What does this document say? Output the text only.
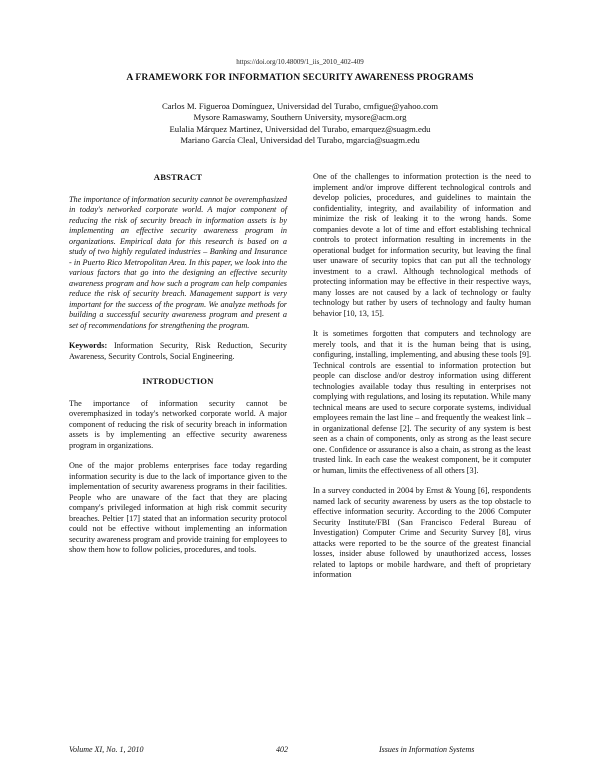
https://doi.org/10.48009/1_iis_2010_402-409
A FRAMEWORK FOR INFORMATION SECURITY AWARENESS PROGRAMS
Carlos M. Figueroa Domínguez, Universidad del Turabo, cmfigue@yahoo.com
Mysore Ramaswamy, Southern University, mysore@acm.org
Eulalia Márquez Martinez, Universidad del Turabo, emarquez@suagm.edu
Mariano García Cleal, Universidad del Turabo, mgarcia@suagm.edu
ABSTRACT

The importance of information security cannot be overemphasized in today's networked corporate world. A major component of reducing the risk of security breach in information assets is by implementing an effective security awareness program in organizations. Empirical data for this research is based on a study of two highly regulated industries – Banking and Insurance - in Puerto Rico Metropolitan Area. In this paper, we look into the various factors that go into the designing an effective security awareness program and how such a program can help companies reduce the risk of security breach. Management support is very important for the success of the program. We analyze methods for building a successful security awareness program and present a set of recommendations for strengthening the program.

Keywords: Information Security, Risk Reduction, Security Awareness, Security Controls, Social Engineering.

INTRODUCTION

The importance of information security cannot be overemphasized in today's networked corporate world. A major component of reducing the risk of security breach in information assets is by implementing an effective security awareness program in organizations.

One of the major problems enterprises face today regarding information security is due to the lack of importance given to the implementation of security awareness programs in their facilities. People who are unaware of the fact that they are placing company's privileged information at high risk commit security breaches. Peltier [17] stated that an information security protocol could not be effective without implementing an information security awareness program and provide training for employees to show them how to follow policies, procedures, and tools.

One of the challenges to information protection is the need to implement and/or improve different technological controls and develop policies, procedures, and guidelines to maintain the confidentiality, integrity, and availability of information and minimize the risk of leaking it to the wrong hands. Some companies devote a lot of time and effort establishing technical controls to protect information resulting in increments in the operational budget for information security, but leaving the final user unaware of security topics that can put all the technology investment to a crawl. Although technological methods of protecting information may be effective in their respective ways, many losses are not caused by a lack of technology or faulty technology but rather by users of technology and faulty human behavior [10, 13, 15].

It is sometimes forgotten that computers and technology are merely tools, and that it is the human being that is using, configuring, installing, implementing, and abusing these tools [9]. Technical controls are essential to information protection but people can disclose and/or destroy information using different technologies available today thus resulting in enterprises not complying with regulations, and losing its reputation. While many technical means are used to secure corporate systems, individual employees remain the last line – and frequently the weakest link – in organizational defense [2]. The security of any system is best seen as a chain of components, only as strong as the least secure one. Confidence or assurance is also a chain, as strong as the least trusted link. In each case the weakest component, be it computer or human, limits the effectiveness of all others [3].

In a survey conducted in 2004 by Ernst & Young [6], respondents named lack of security awareness by users as the top obstacle to effective information security. According to the 2006 Computer Security Institute/FBI (San Francisco Federal Bureau of Investigation) Computer Crime and Security Survey [8], virus attacks were reported to be the source of the greatest financial losses, insider abuse followed by unauthorized access, losses related to laptops or mobile hardware, and theft of proprietary information

Volume XI, No. 1, 2010	402	Issues in Information Systems
